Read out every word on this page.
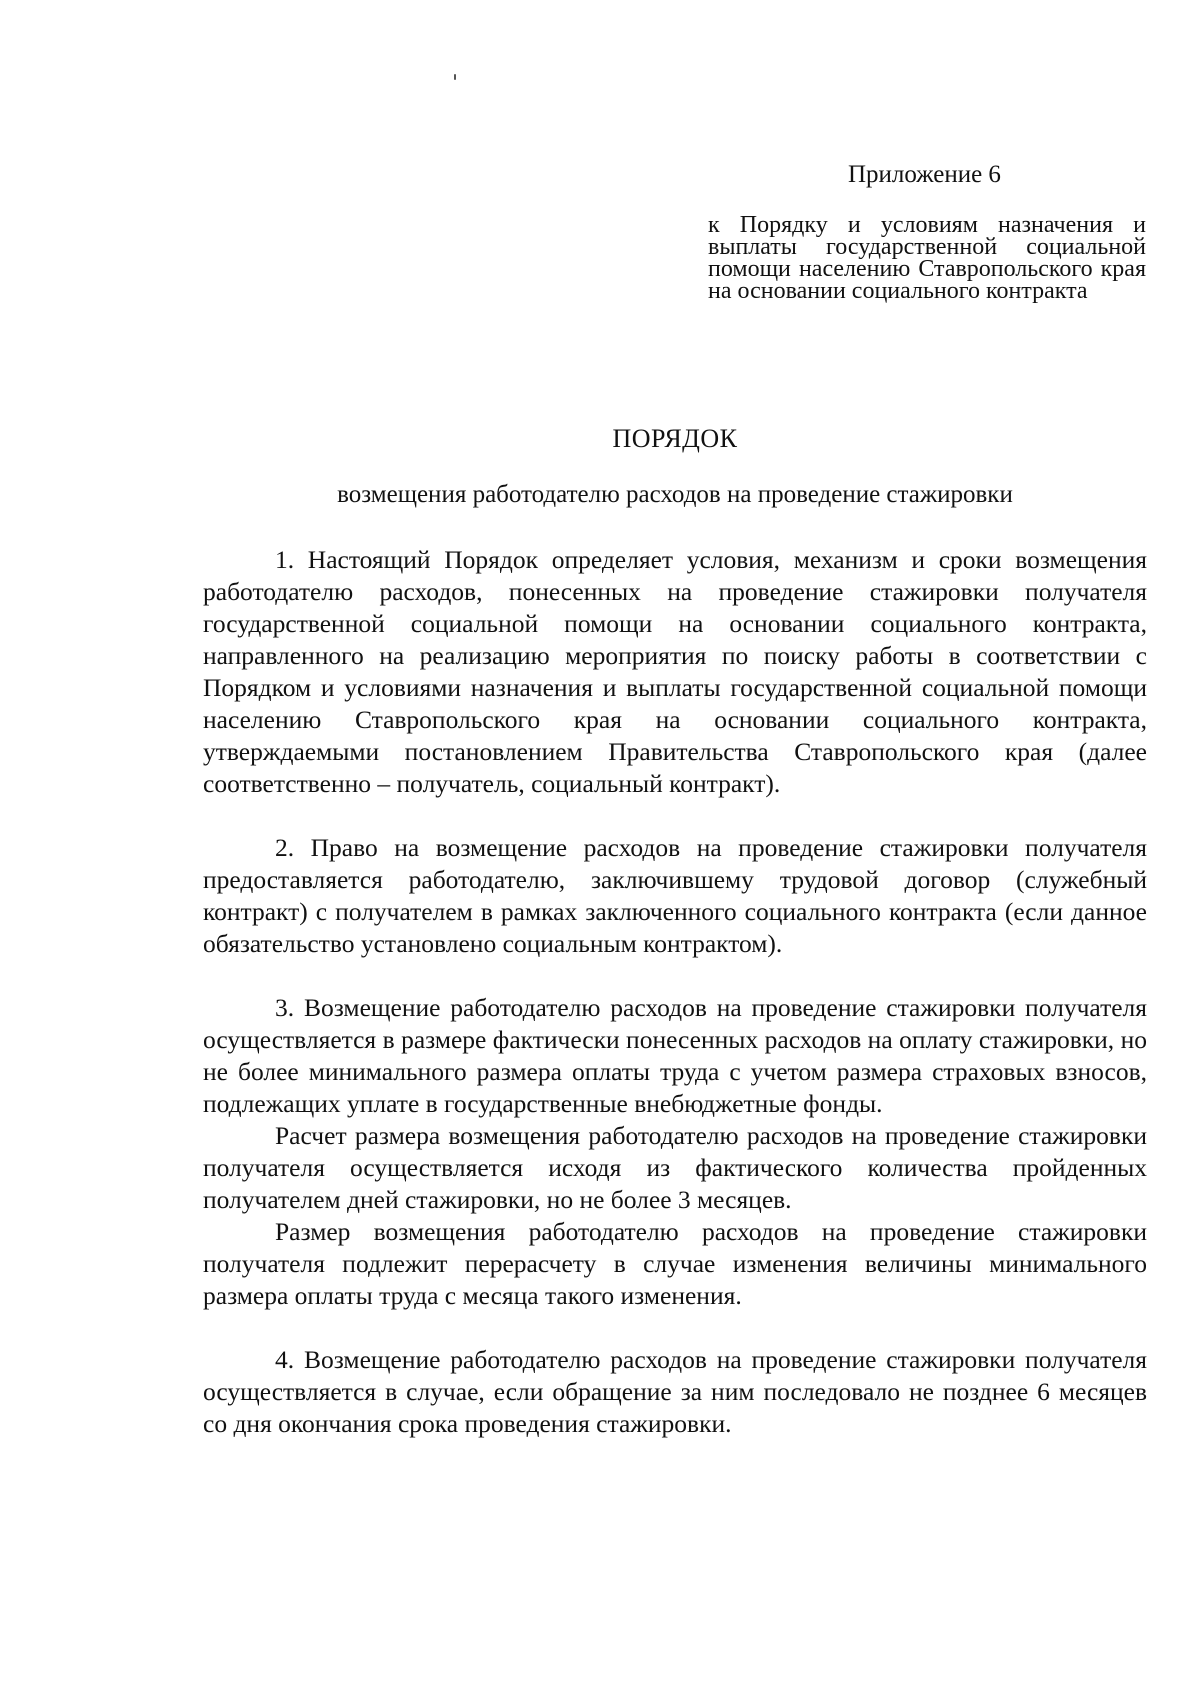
Приложение 6
к Порядку и условиям назначения и выплаты государственной социальной помощи населению Ставропольского края на основании социального контракта
ПОРЯДОК
возмещения работодателю расходов на проведение стажировки

1. Настоящий Порядок определяет условия, механизм и сроки возмещения работодателю расходов, понесенных на проведение стажировки получателя государственной социальной помощи на основании социального контракта, направленного на реализацию мероприятия по поиску работы в соответствии с Порядком и условиями назначения и выплаты государственной социальной помощи населению Ставропольского края на основании социального контракта, утверждаемыми постановлением Правительства Ставропольского края (далее соответственно – получатель, социальный контракт).

2. Право на возмещение расходов на проведение стажировки получателя предоставляется работодателю, заключившему трудовой договор (служебный контракт) с получателем в рамках заключенного социального контракта (если данное обязательство установлено социальным контрактом).

3. Возмещение работодателю расходов на проведение стажировки получателя осуществляется в размере фактически понесенных расходов на оплату стажировки, но не более минимального размера оплаты труда с учетом размера страховых взносов, подлежащих уплате в государственные внебюджетные фонды.

Расчет размера возмещения работодателю расходов на проведение стажировки получателя осуществляется исходя из фактического количества пройденных получателем дней стажировки, но не более 3 месяцев.

Размер возмещения работодателю расходов на проведение стажировки получателя подлежит перерасчету в случае изменения величины минимального размера оплаты труда с месяца такого изменения.

4. Возмещение работодателю расходов на проведение стажировки получателя осуществляется в случае, если обращение за ним последовало не позднее 6 месяцев со дня окончания срока проведения стажировки.
